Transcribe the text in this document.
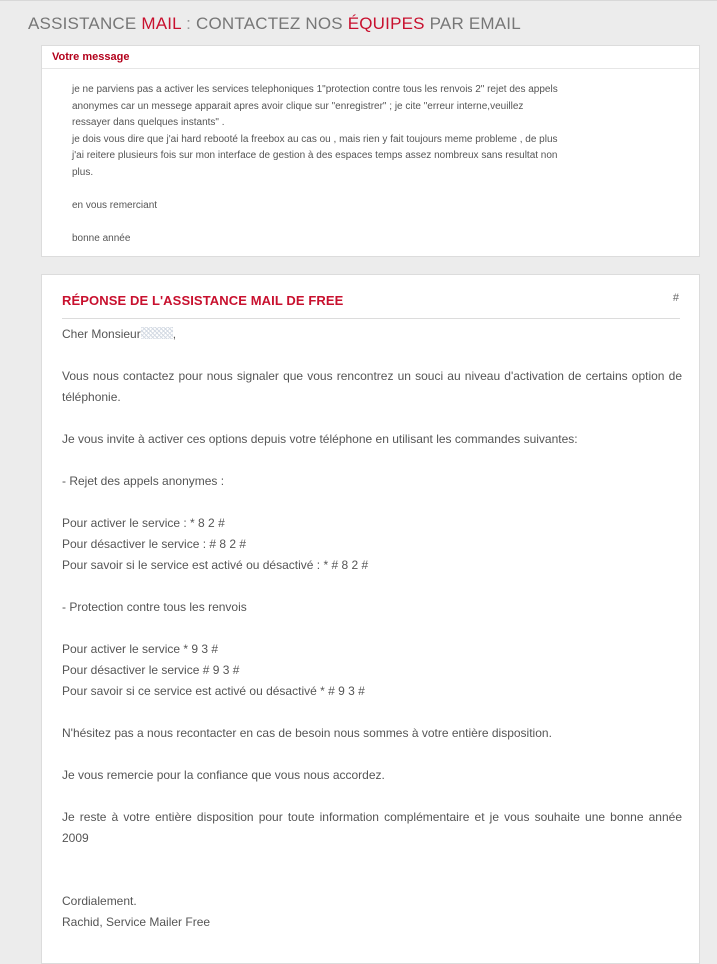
ASSISTANCE MAIL : CONTACTEZ NOS ÉQUIPES PAR EMAIL
Votre message

je ne parviens pas a activer les services telephoniques 1"protection contre tous les renvois 2" rejet des appels

anonymes car un messege apparait apres avoir clique sur "enregistrer" ; je cite "erreur interne,veuillez

ressayer dans quelques instants" .

je dois vous dire que j'ai hard rebooté la freebox au cas ou , mais rien y fait toujours meme probleme , de plus

j'ai reitere plusieurs fois sur mon interface de gestion à des espaces temps assez nombreux sans resultat non

plus.

en vous remerciant

bonne année

RÉPONSE DE L'ASSISTANCE MAIL DE FREE	#

Cher Monsieur	,

Vous nous contactez pour nous signaler que vous rencontrez un souci au niveau d'activation de certains option de téléphonie.

Je vous invite à activer ces options depuis votre téléphone en utilisant les commandes suivantes:

- Rejet des appels anonymes :

Pour activer le service : * 8 2 #

Pour désactiver le service : # 8 2 #

Pour savoir si le service est activé ou désactivé : * # 8 2 #

- Protection contre tous les renvois

Pour activer le service * 9 3 #

Pour désactiver le service # 9 3 #

Pour savoir si ce service est activé ou désactivé * # 9 3 #

N'hésitez pas a nous recontacter en cas de besoin nous sommes à votre entière disposition.

Je vous remercie pour la confiance que vous nous accordez.

Je reste à votre entière disposition pour toute information complémentaire et je vous souhaite une bonne année 2009

Cordialement.

Rachid, Service Mailer Free
